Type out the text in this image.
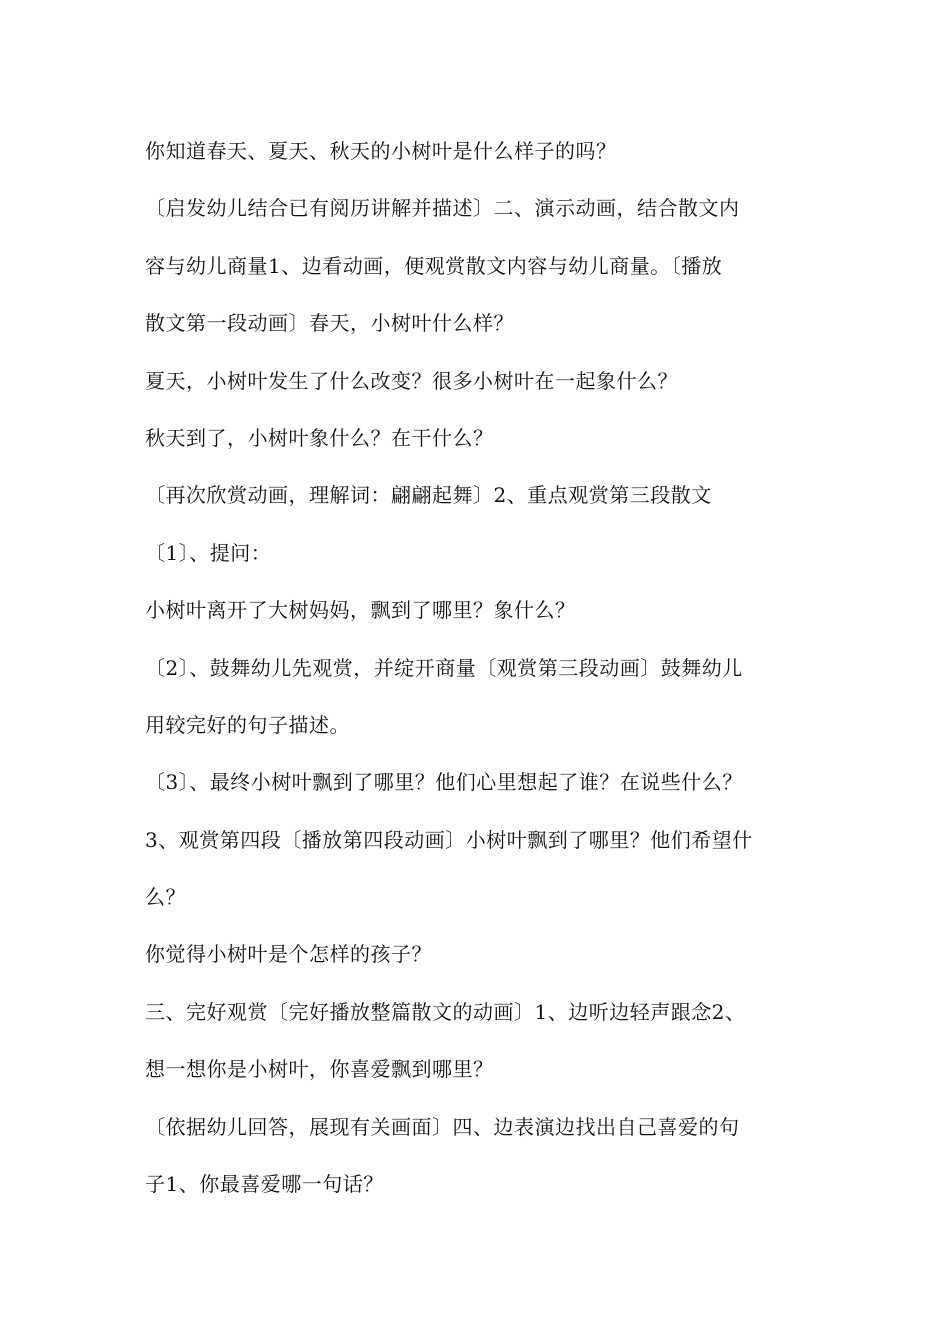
你知道春天、夏天、秋天的小树叶是什么样子的吗？
〔启发幼儿结合已有阅历讲解并描述〕二、演示动画，结合散文内
容与幼儿商量1、边看动画，便观赏散文内容与幼儿商量。〔播放
散文第一段动画〕春天，小树叶什么样？
夏天，小树叶发生了什么改变？很多小树叶在一起象什么？
秋天到了，小树叶象什么？在干什么？
〔再次欣赏动画，理解词：翩翩起舞〕2、重点观赏第三段散文
〔1〕、提问：
小树叶离开了大树妈妈，飘到了哪里？象什么？
〔2〕、鼓舞幼儿先观赏，并绽开商量〔观赏第三段动画〕鼓舞幼儿
用较完好的句子描述。
〔3〕、最终小树叶飘到了哪里？他们心里想起了谁？在说些什么？
3、观赏第四段〔播放第四段动画〕小树叶飘到了哪里？他们希望什
么？
你觉得小树叶是个怎样的孩子？
三、完好观赏〔完好播放整篇散文的动画〕1、边听边轻声跟念2、
想一想你是小树叶，你喜爱飘到哪里？
〔依据幼儿回答，展现有关画面〕四、边表演边找出自己喜爱的句
子1、你最喜爱哪一句话？
